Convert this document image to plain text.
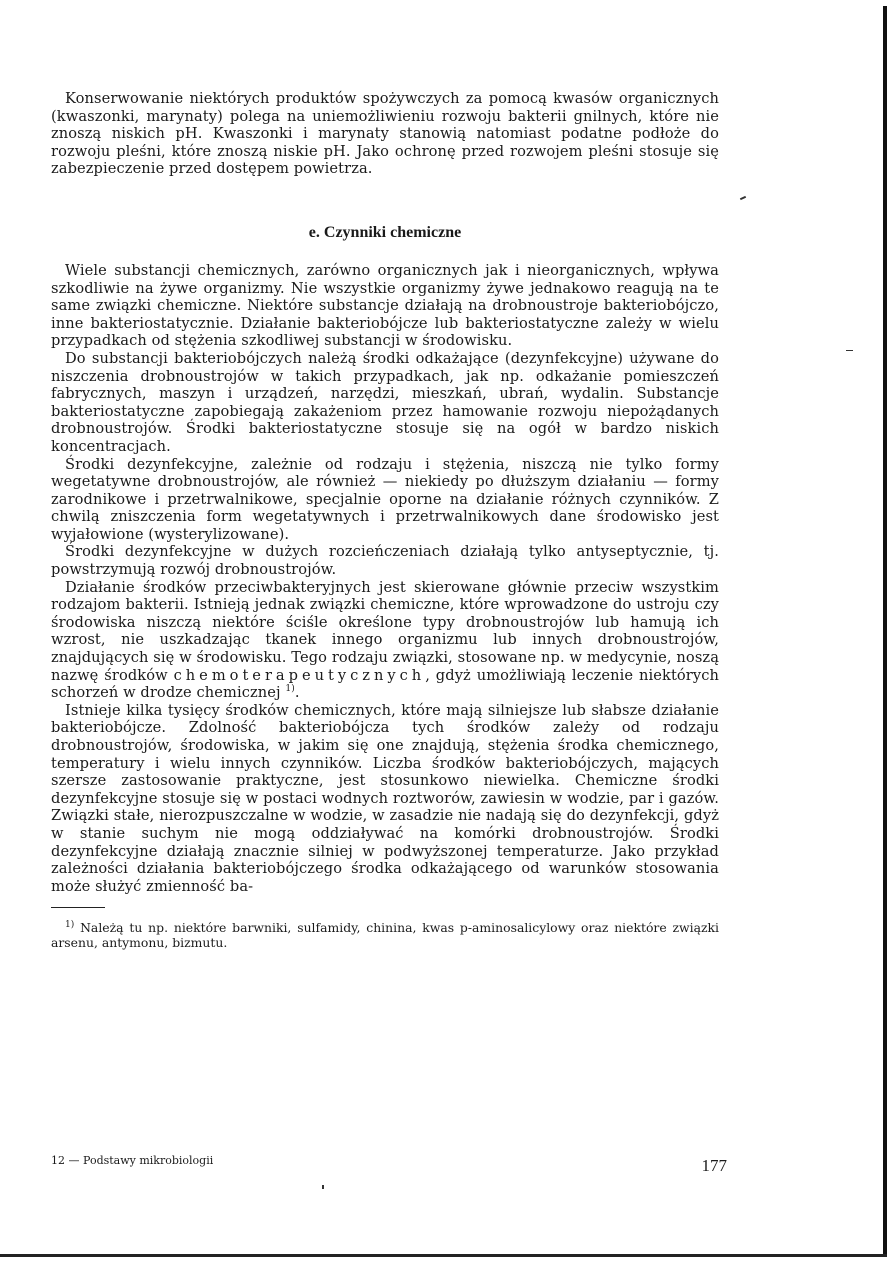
Konserwowanie niektórych produktów spożywczych za pomocą kwasów organicznych (kwaszonki, marynaty) polega na uniemożliwieniu rozwoju bakterii gnilnych, które nie znoszą niskich pH. Kwaszonki i marynaty stanowią natomiast podatne podłoże do rozwoju pleśni, które znoszą niskie pH. Jako ochronę przed rozwojem pleśni stosuje się zabezpieczenie przed dostępem powietrza.

e. Czynniki chemiczne

Wiele substancji chemicznych, zarówno organicznych jak i nieorganicznych, wpływa szkodliwie na żywe organizmy. Nie wszystkie organizmy żywe jednakowo reagują na te same związki chemiczne. Niektóre substancje działają na drobnoustroje bakteriobójczo, inne bakteriostatycznie. Działanie bakteriobójcze lub bakteriostatyczne zależy w wielu przypadkach od stężenia szkodliwej substancji w środowisku.

Do substancji bakteriobójczych należą środki odkażające (dezynfekcyjne) używane do niszczenia drobnoustrojów w takich przypadkach, jak np. odkażanie pomieszczeń fabrycznych, maszyn i urządzeń, narzędzi, mieszkań, ubrań, wydalin. Substancje bakteriostatyczne zapobiegają zakażeniom przez hamowanie rozwoju niepożądanych drobnoustrojów. Środki bakteriostatyczne stosuje się na ogół w bardzo niskich koncentracjach.

Środki dezynfekcyjne, zależnie od rodzaju i stężenia, niszczą nie tylko formy wegetatywne drobnoustrojów, ale również — niekiedy po dłuższym działaniu — formy zarodnikowe i przetrwalnikowe, specjalnie oporne na działanie różnych czynników. Z chwilą zniszczenia form wegetatywnych i przetrwalnikowych dane środowisko jest wyjałowione (wysterylizowane).

Środki dezynfekcyjne w dużych rozcieńczeniach działają tylko antyseptycznie, tj. powstrzymują rozwój drobnoustrojów.

Działanie środków przeciwbakteryjnych jest skierowane głównie przeciw wszystkim rodzajom bakterii. Istnieją jednak związki chemiczne, które wprowadzone do ustroju czy środowiska niszczą niektóre ściśle określone typy drobnoustrojów lub hamują ich wzrost, nie uszkadzając tkanek innego organizmu lub innych drobnoustrojów, znajdujących się w środowisku. Tego rodzaju związki, stosowane np. w medycynie, noszą nazwę środków chemoterapeutycznych, gdyż umożliwiają leczenie niektórych schorzeń w drodze chemicznej $^{1)}$.

Istnieje kilka tysięcy środków chemicznych, które mają silniejsze lub słabsze działanie bakteriobójcze. Zdolność bakteriobójcza tych środków zależy od rodzaju drobnoustrojów, środowiska, w jakim się one znajdują, stężenia środka chemicznego, temperatury i wielu innych czynników. Liczba środków bakteriobójczych, mających szersze zastosowanie praktyczne, jest stosunkowo niewielka. Chemiczne środki dezynfekcyjne stosuje się w postaci wodnych roztworów, zawiesin w wodzie, par i gazów. Związki stałe, nierozpuszczalne w wodzie, w zasadzie nie nadają się do dezynfekcji, gdyż w stanie suchym nie mogą oddziaływać na komórki drobnoustrojów. Środki dezynfekcyjne działają znacznie silniej w podwyższonej temperaturze. Jako przykład zależności działania bakteriobójczego środka odkażającego od warunków stosowania może służyć zmienność ba-

$^{1)}$ Należą tu np. niektóre barwniki, sulfamidy, chinina, kwas p-aminosalicylowy oraz niektóre związki arsenu, antymonu, bizmutu.

12 — Podstawy mikrobiologii	177
